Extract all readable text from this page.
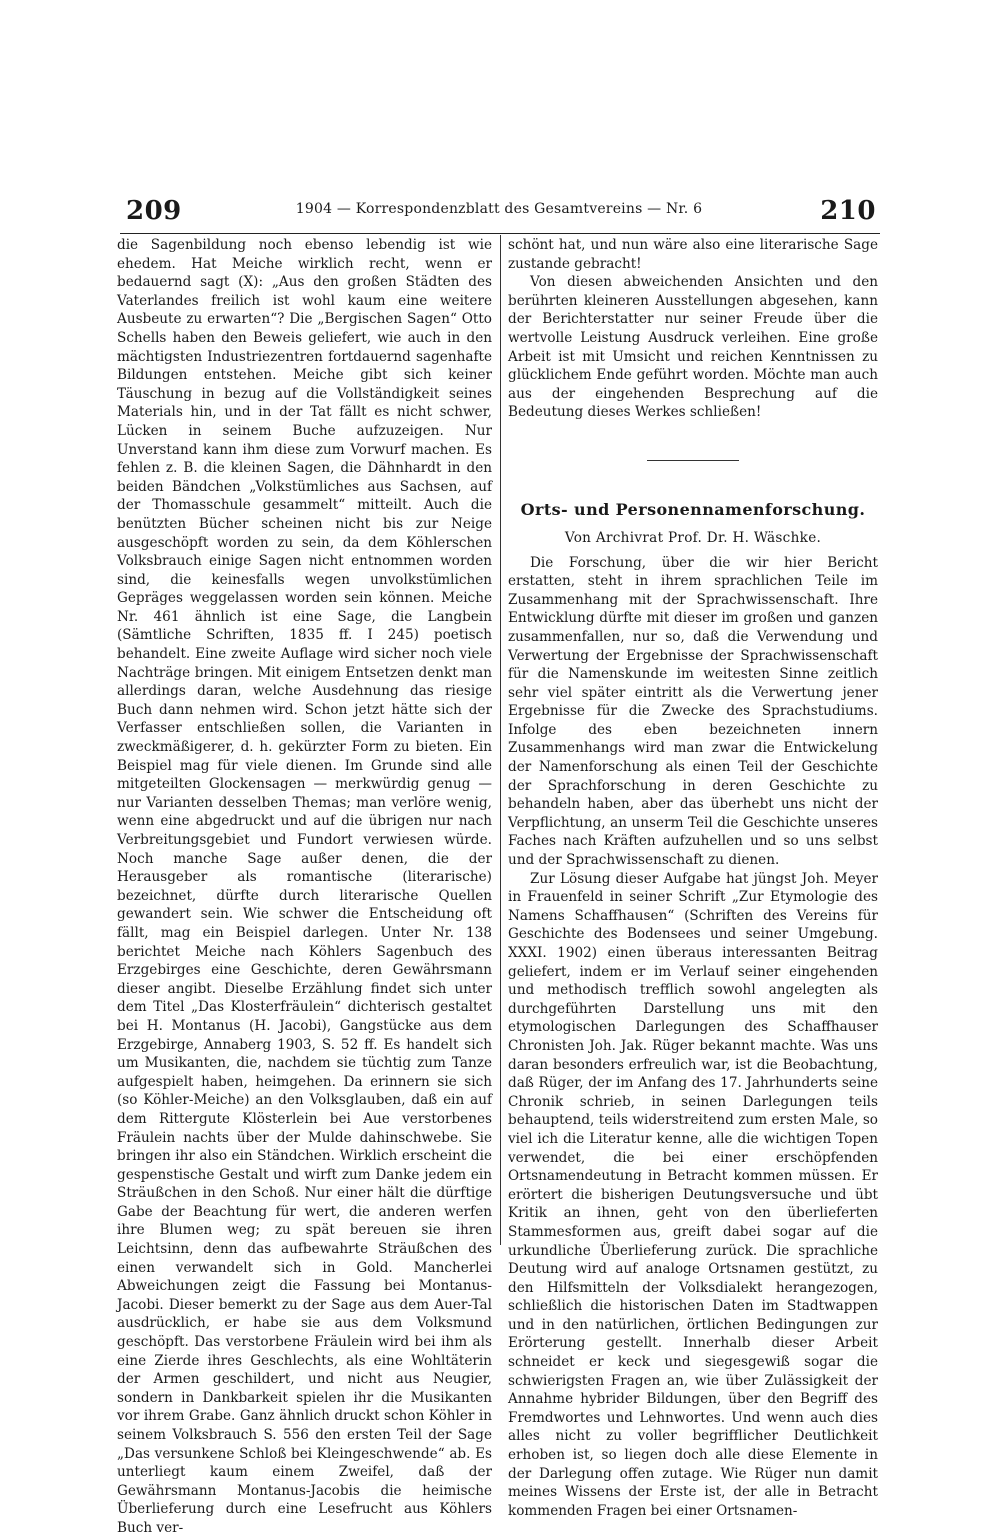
209	1904 — Korrespondenzblatt des Gesamtvereins — Nr. 6	210

die Sagenbildung noch ebenso lebendig ist wie ehedem. Hat Meiche wirklich recht, wenn er bedauernd sagt (X): „Aus den großen Städten des Vaterlandes freilich ist wohl kaum eine weitere Ausbeute zu erwarten“? Die „Bergischen Sagen“ Otto Schells haben den Beweis geliefert, wie auch in den mächtigsten Industriezentren fortdauernd sagenhafte Bildungen entstehen. Meiche gibt sich keiner Täuschung in bezug auf die Vollständigkeit seines Materials hin, und in der Tat fällt es nicht schwer, Lücken in seinem Buche aufzuzeigen. Nur Unverstand kann ihm diese zum Vorwurf machen. Es fehlen z. B. die kleinen Sagen, die Dähnhardt in den beiden Bändchen „Volkstümliches aus Sachsen, auf der Thomasschule gesammelt“ mitteilt. Auch die benützten Bücher scheinen nicht bis zur Neige ausgeschöpft worden zu sein, da dem Köhlerschen Volksbrauch einige Sagen nicht entnommen worden sind, die keinesfalls wegen unvolkstümlichen Gepräges weggelassen worden sein können. Meiche Nr. 461 ähnlich ist eine Sage, die Langbein (Sämtliche Schriften, 1835 ff. I 245) poetisch behandelt. Eine zweite Auflage wird sicher noch viele Nachträge bringen. Mit einigem Entsetzen denkt man allerdings daran, welche Ausdehnung das riesige Buch dann nehmen wird. Schon jetzt hätte sich der Verfasser entschließen sollen, die Varianten in zweckmäßigerer, d. h. gekürzter Form zu bieten. Ein Beispiel mag für viele dienen. Im Grunde sind alle mitgeteilten Glockensagen — merkwürdig genug — nur Varianten desselben Themas; man verlöre wenig, wenn eine abgedruckt und auf die übrigen nur nach Verbreitungsgebiet und Fundort verwiesen würde. Noch manche Sage außer denen, die der Herausgeber als romantische (literarische) bezeichnet, dürfte durch literarische Quellen gewandert sein. Wie schwer die Entscheidung oft fällt, mag ein Beispiel darlegen. Unter Nr. 138 berichtet Meiche nach Köhlers Sagenbuch des Erzgebirges eine Geschichte, deren Gewährsmann dieser angibt. Dieselbe Erzählung findet sich unter dem Titel „Das Klosterfräulein“ dichterisch gestaltet bei H. Montanus (H. Jacobi), Gangstücke aus dem Erzgebirge, Annaberg 1903, S. 52 ff. Es handelt sich um Musikanten, die, nachdem sie tüchtig zum Tanze aufgespielt haben, heimgehen. Da erinnern sie sich (so Köhler-Meiche) an den Volksglauben, daß ein auf dem Rittergute Klösterlein bei Aue verstorbenes Fräulein nachts über der Mulde dahinschwebe. Sie bringen ihr also ein Ständchen. Wirklich erscheint die gespenstische Gestalt und wirft zum Danke jedem ein Sträußchen in den Schoß. Nur einer hält die dürftige Gabe der Beachtung für wert, die anderen werfen ihre Blumen weg; zu spät bereuen sie ihren Leichtsinn, denn das aufbewahrte Sträußchen des einen verwandelt sich in Gold. Mancherlei Abweichungen zeigt die Fassung bei Montanus-Jacobi. Dieser bemerkt zu der Sage aus dem Auer-Tal ausdrücklich, er habe sie aus dem Volksmund geschöpft. Das verstorbene Fräulein wird bei ihm als eine Zierde ihres Geschlechts, als eine Wohltäterin der Armen geschildert, und nicht aus Neugier, sondern in Dankbarkeit spielen ihr die Musikanten vor ihrem Grabe. Ganz ähnlich druckt schon Köhler in seinem Volksbrauch S. 556 den ersten Teil der Sage „Das versunkene Schloß bei Kleingeschwende“ ab. Es unterliegt kaum einem Zweifel, daß der Gewährsmann Montanus-Jacobis die heimische Überlieferung durch eine Lesefrucht aus Köhlers Buch ver-

schönt hat, und nun wäre also eine literarische Sage zustande gebracht!

Von diesen abweichenden Ansichten und den berührten kleineren Ausstellungen abgesehen, kann der Berichterstatter nur seiner Freude über die wertvolle Leistung Ausdruck verleihen. Eine große Arbeit ist mit Umsicht und reichen Kenntnissen zu glücklichem Ende geführt worden. Möchte man auch aus der eingehenden Besprechung auf die Bedeutung dieses Werkes schließen!

Orts- und Personennamenforschung.
Von Archivrat Prof. Dr. H. Wäschke.

Die Forschung, über die wir hier Bericht erstatten, steht in ihrem sprachlichen Teile im Zusammenhang mit der Sprachwissenschaft. Ihre Entwicklung dürfte mit dieser im großen und ganzen zusammenfallen, nur so, daß die Verwendung und Verwertung der Ergebnisse der Sprachwissenschaft für die Namenskunde im weitesten Sinne zeitlich sehr viel später eintritt als die Verwertung jener Ergebnisse für die Zwecke des Sprachstudiums. Infolge des eben bezeichneten innern Zusammenhangs wird man zwar die Entwickelung der Namenforschung als einen Teil der Geschichte der Sprachforschung in deren Geschichte zu behandeln haben, aber das überhebt uns nicht der Verpflichtung, an unserm Teil die Geschichte unseres Faches nach Kräften aufzuhellen und so uns selbst und der Sprachwissenschaft zu dienen.

Zur Lösung dieser Aufgabe hat jüngst Joh. Meyer in Frauenfeld in seiner Schrift „Zur Etymologie des Namens Schaffhausen“ (Schriften des Vereins für Geschichte des Bodensees und seiner Umgebung. XXXI. 1902) einen überaus interessanten Beitrag geliefert, indem er im Verlauf seiner eingehenden und methodisch trefflich sowohl angelegten als durchgeführten Darstellung uns mit den etymologischen Darlegungen des Schaffhauser Chronisten Joh. Jak. Rüger bekannt machte. Was uns daran besonders erfreulich war, ist die Beobachtung, daß Rüger, der im Anfang des 17. Jahrhunderts seine Chronik schrieb, in seinen Darlegungen teils behauptend, teils widerstreitend zum ersten Male, so viel ich die Literatur kenne, alle die wichtigen Topen verwendet, die bei einer erschöpfenden Ortsnamendeutung in Betracht kommen müssen. Er erörtert die bisherigen Deutungsversuche und übt Kritik an ihnen, geht von den überlieferten Stammesformen aus, greift dabei sogar auf die urkundliche Überlieferung zurück. Die sprachliche Deutung wird auf analoge Ortsnamen gestützt, zu den Hilfsmitteln der Volksdialekt herangezogen, schließlich die historischen Daten im Stadtwappen und in den natürlichen, örtlichen Bedingungen zur Erörterung gestellt. Innerhalb dieser Arbeit schneidet er keck und siegesgewiß sogar die schwierigsten Fragen an, wie über Zulässigkeit der Annahme hybrider Bildungen, über den Begriff des Fremdwortes und Lehnwortes. Und wenn auch dies alles nicht zu voller begrifflicher Deutlichkeit erhoben ist, so liegen doch alle diese Elemente in der Darlegung offen zutage. Wie Rüger nun damit meines Wissens der Erste ist, der alle in Betracht kommenden Fragen bei einer Ortsnamen-
